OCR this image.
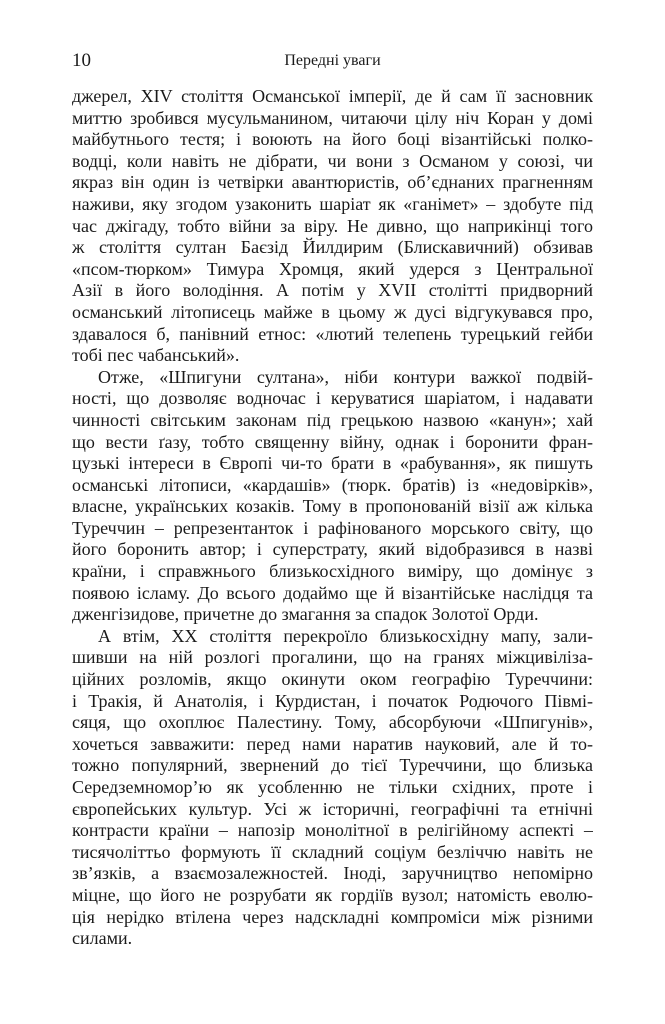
10	Передні уваги

джерел, XIV століття Османської імперії, де й сам її засновник
миттю зробився мусульманином, читаючи цілу ніч Коран у домі
майбутнього тестя; і воюють на його боці візантійські полко-
водці, коли навіть не дібрати, чи вони з Османом у союзі, чи
якраз він один із четвірки авантюристів, об’єднаних прагненням
наживи, яку згодом узаконить шаріат як «ганімет» – здобуте під
час джігаду, тобто війни за віру. Не дивно, що наприкінці того
ж століття султан Баєзід Йилдирим (Блискавичний) обзивав
«псом-тюрком» Тимура Хромця, який удерся з Центральної
Азії в його володіння. А потім у XVII столітті придворний
османський літописець майже в цьому ж дусі відгукувався про,
здавалося б, панівний етнос: «лютий телепень турецький гейби
тобі пес чабанський».

Отже, «Шпигуни султана», ніби контури важкої подвій-
ності, що дозволяє водночас і керуватися шаріатом, і надавати
чинності світським законам під грецькою назвою «канун»; хай
що вести ґазу, тобто священну війну, однак і боронити фран-
цузькі інтереси в Європі чи-то брати в «рабування», як пишуть
османські літописи, «кардашів» (тюрк. братів) із «недовірків»,
власне, українських козаків. Тому в пропонованій візії аж кілька
Туреччин – репрезентанток і рафінованого морського світу, що
його боронить автор; і суперстрату, який відобразився в назві
країни, і справжнього близькосхідного виміру, що домінує з
появою ісламу. До всього додаймо ще й візантійське наслідця та
дженгізидове, причетне до змагання за спадок Золотої Орди.

А втім, XX століття перекроїло близькосхідну мапу, зали-
шивши на ній розлогі прогалини, що на гранях міжцивіліза-
ційних розломів, якщо окинути оком географію Туреччини:
і Тракія, й Анатолія, і Курдистан, і початок Родючого Півмі-
сяця, що охоплює Палестину. Тому, абсорбуючи «Шпигунів»,
хочеться завважити: перед нами наратив науковий, але й то-
тожно популярний, звернений до тієї Туреччини, що близька
Середземномор’ю як усобленню не тільки східних, проте і
європейських культур. Усі ж історичні, географічні та етнічні
контрасти країни – напозір монолітної в релігійному аспекті –
тисячоліттьо формують її складний соціум безліччю навіть не
зв’язків, а взаємозалежностей. Іноді, заручництво непомірно
міцне, що його не розрубати як гордіїв вузол; натомість еволю-
ція нерідко втілена через надскладні компроміси між різними
силами.
